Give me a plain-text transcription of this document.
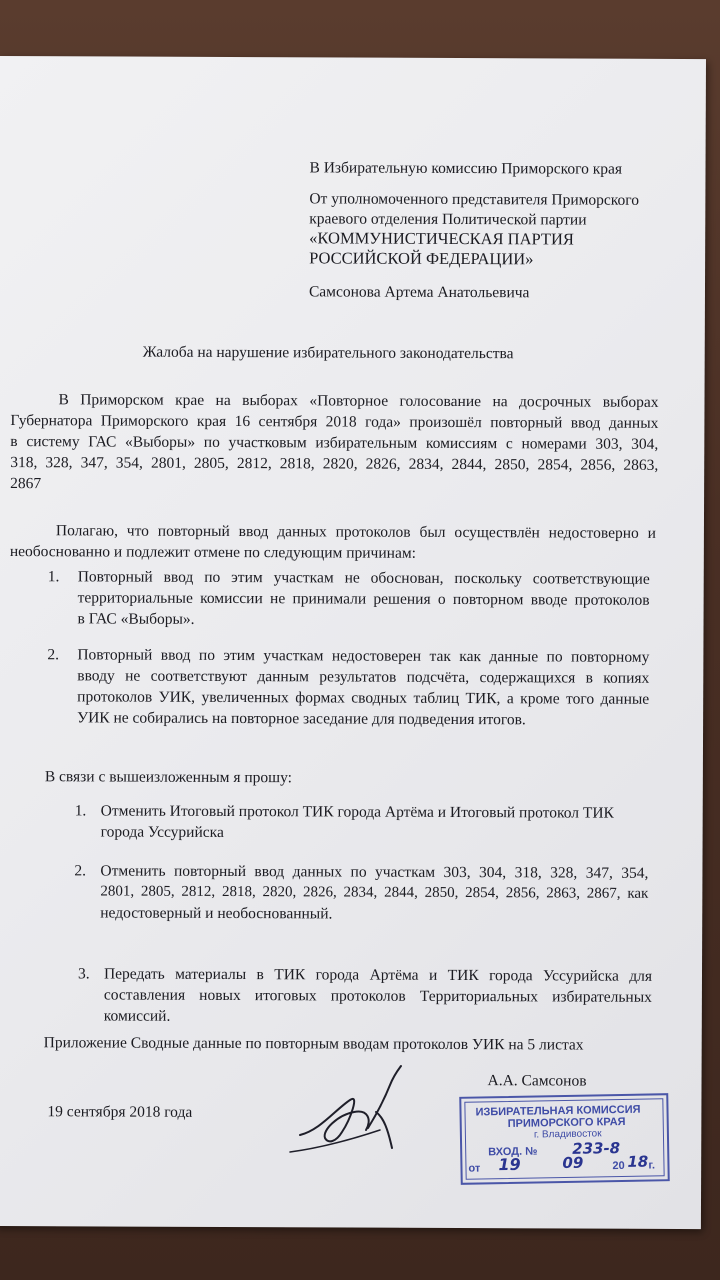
В Избирательную комиссию Приморского края
От уполномоченного представителя Приморского
краевого отделения Политической партии
«КОММУНИСТИЧЕСКАЯ ПАРТИЯ
РОССИЙСКОЙ ФЕДЕРАЦИИ»
Самсонова Артема Анатольевича
Жалоба на нарушение избирательного законодательства
В Приморском крае на выборах «Повторное голосование на досрочных выборах
Губернатора Приморского края 16 сентября 2018 года» произошёл повторный ввод данных
в систему ГАС «Выборы» по участковым избирательным комиссиям с номерами 303, 304,
318, 328, 347, 354, 2801, 2805, 2812, 2818, 2820, 2826, 2834, 2844, 2850, 2854, 2856, 2863,
2867
Полагаю, что повторный ввод данных протоколов был осуществлён недостоверно и
необоснованно и подлежит отмене по следующим причинам:
1. Повторный ввод по этим участкам не обоснован, поскольку соответствующие
территориальные комиссии не принимали решения о повторном вводе протоколов
в ГАС «Выборы».
2. Повторный ввод по этим участкам недостоверен так как данные по повторному
вводу не соответствуют данным результатов подсчёта, содержащихся в копиях
протоколов УИК, увеличенных формах сводных таблиц ТИК, а кроме того данные
УИК не собирались на повторное заседание для подведения итогов.
В связи с вышеизложенным я прошу:
1. Отменить Итоговый протокол ТИК города Артёма и Итоговый протокол ТИК
города Уссурийска
2. Отменить повторный ввод данных по участкам 303, 304, 318, 328, 347, 354,
2801, 2805, 2812, 2818, 2820, 2826, 2834, 2844, 2850, 2854, 2856, 2863, 2867, как
недостоверный и необоснованный.
3. Передать материалы в ТИК города Артёма и ТИК города Уссурийска для
составления новых итоговых протоколов Территориальных избирательных
комиссий.
Приложение Сводные данные по повторным вводам протоколов УИК на 5 листах
19 сентября 2018 года
А.А. Самсонов
ИЗБИРАТЕЛЬНАЯ КОМИССИЯ
ПРИМОРСКОГО КРАЯ
г. Владивосток
ВХОД. № 233-8
от 19	09	20 18 г.
